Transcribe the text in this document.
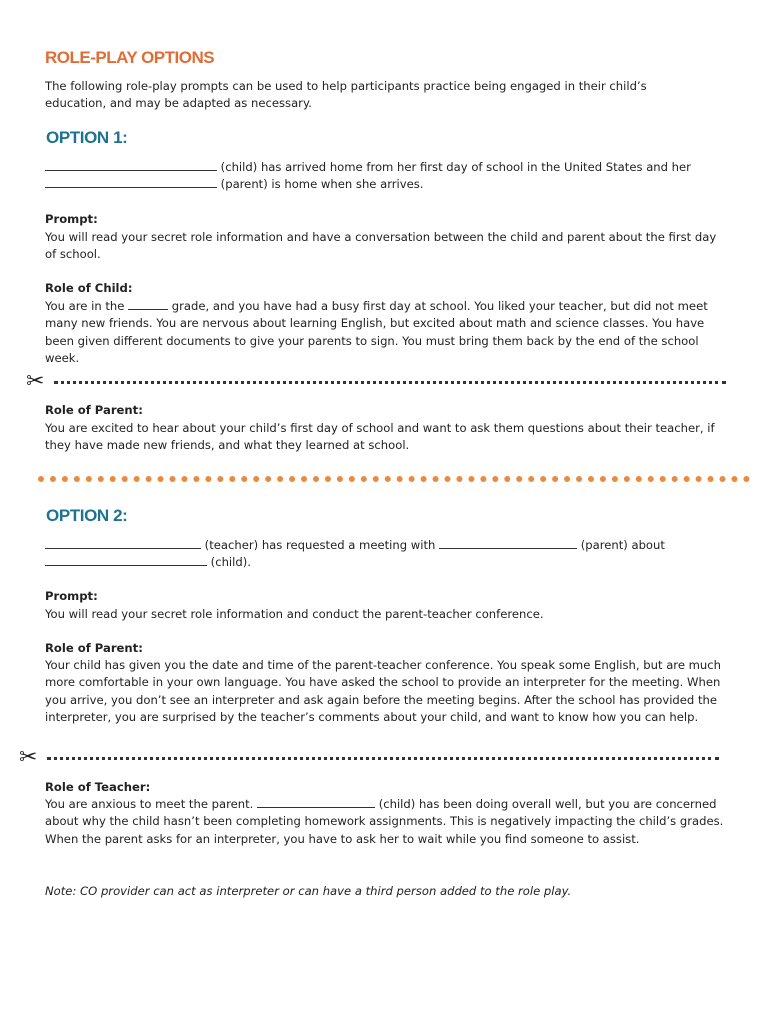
ROLE-PLAY OPTIONS

The following role-play prompts can be used to help participants practice being engaged in their child’s education, and may be adapted as necessary.

OPTION 1:
(child) has arrived home from her first day of school in the United States and her
(parent) is home when she arrives.

Prompt:

You will read your secret role information and have a conversation between the child and parent about the first day of school.

Role of Child:

You are in the	grade, and you have had a busy first day at school. You liked your teacher, but did not meet many new friends. You are nervous about learning English, but excited about math and science classes. You have been given different documents to give your parents to sign. You must bring them back by the end of the school week.

✂

Role of Parent:

You are excited to hear about your child’s first day of school and want to ask them questions about their teacher, if they have made new friends, and what they learned at school.

OPTION 2:
(teacher) has requested a meeting with	(parent) about
(child).

Prompt:

You will read your secret role information and conduct the parent-teacher conference.

Role of Parent:

Your child has given you the date and time of the parent-teacher conference. You speak some English, but are much more comfortable in your own language. You have asked the school to provide an interpreter for the meeting. When you arrive, you don’t see an interpreter and ask again before the meeting begins. After the school has provided the interpreter, you are surprised by the teacher’s comments about your child, and want to know how you can help.

✂

Role of Teacher:

You are anxious to meet the parent.	(child) has been doing overall well, but you are concerned about why the child hasn’t been completing homework assignments. This is negatively impacting the child’s grades. When the parent asks for an interpreter, you have to ask her to wait while you find someone to assist.

Note: CO provider can act as interpreter or can have a third person added to the role play.
